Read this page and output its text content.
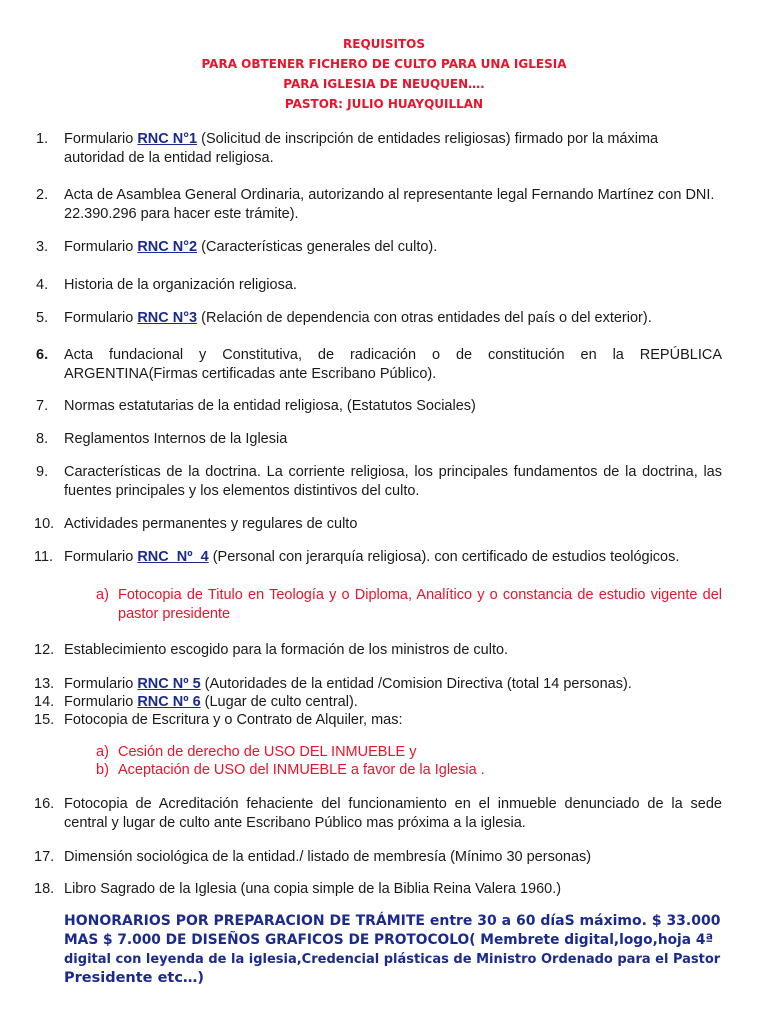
REQUISITOS
PARA OBTENER FICHERO DE CULTO PARA UNA IGLESIA
PARA IGLESIA DE NEUQUEN….
PASTOR: JULIO HUAYQUILLAN
1.	Formulario RNC N°1 (Solicitud de inscripción de entidades religiosas) firmado por la máxima autoridad de la entidad religiosa.
2.	Acta de Asamblea General Ordinaria, autorizando al representante legal Fernando Martínez con DNI. 22.390.296 para hacer este trámite).
3.	Formulario RNC N°2 (Características generales del culto).
4.	Historia de la organización religiosa.
5.	Formulario RNC N°3 (Relación de dependencia con otras entidades del país o del exterior).
6.	Acta fundacional y Constitutiva, de radicación o de constitución en la REPÚBLICA ARGENTINA(Firmas certificadas ante Escribano Público).
7.	Normas estatutarias de la entidad religiosa, (Estatutos Sociales)
8.	Reglamentos Internos de la Iglesia
9.	Características de la doctrina. La corriente religiosa, los principales fundamentos de la doctrina, las fuentes principales y los elementos distintivos del culto.
10. Actividades permanentes y regulares de culto
11. Formulario RNC  Nº  4 (Personal con jerarquía religiosa). con certificado de estudios teológicos.
a) Fotocopia de Titulo en Teología y o Diploma, Analítico y o constancia de estudio vigente del pastor presidente
12. Establecimiento escogido para la formación de los ministros de culto.
13. Formulario RNC Nº 5 (Autoridades de la entidad /Comision Directiva (total 14 personas).
14. Formulario RNC Nº 6 (Lugar de culto central).
15. Fotocopia de Escritura y o Contrato de Alquiler, mas:
a) Cesión de derecho de USO DEL INMUEBLE y
b) Aceptación de USO del INMUEBLE a favor de la Iglesia .
16. Fotocopia de Acreditación fehaciente del funcionamiento en el inmueble denunciado de la sede central y lugar de culto ante Escribano Público mas próxima a la iglesia.
17. Dimensión sociológica de la entidad./ listado de membresía (Mínimo 30 personas)
18. Libro Sagrado de la Iglesia (una copia simple de la Biblia Reina Valera 1960.)
HONORARIOS POR PREPARACION DE TRÁMITE entre 30 a 60 díaS máximo. $ 33.000
MAS $ 7.000 DE DISEÑOS GRAFICOS DE PROTOCOLO( Membrete digital,logo,hoja 4ª
digital con leyenda de la iglesia,Credencial plásticas de Ministro Ordenado para el Pastor
Presidente etc…)
